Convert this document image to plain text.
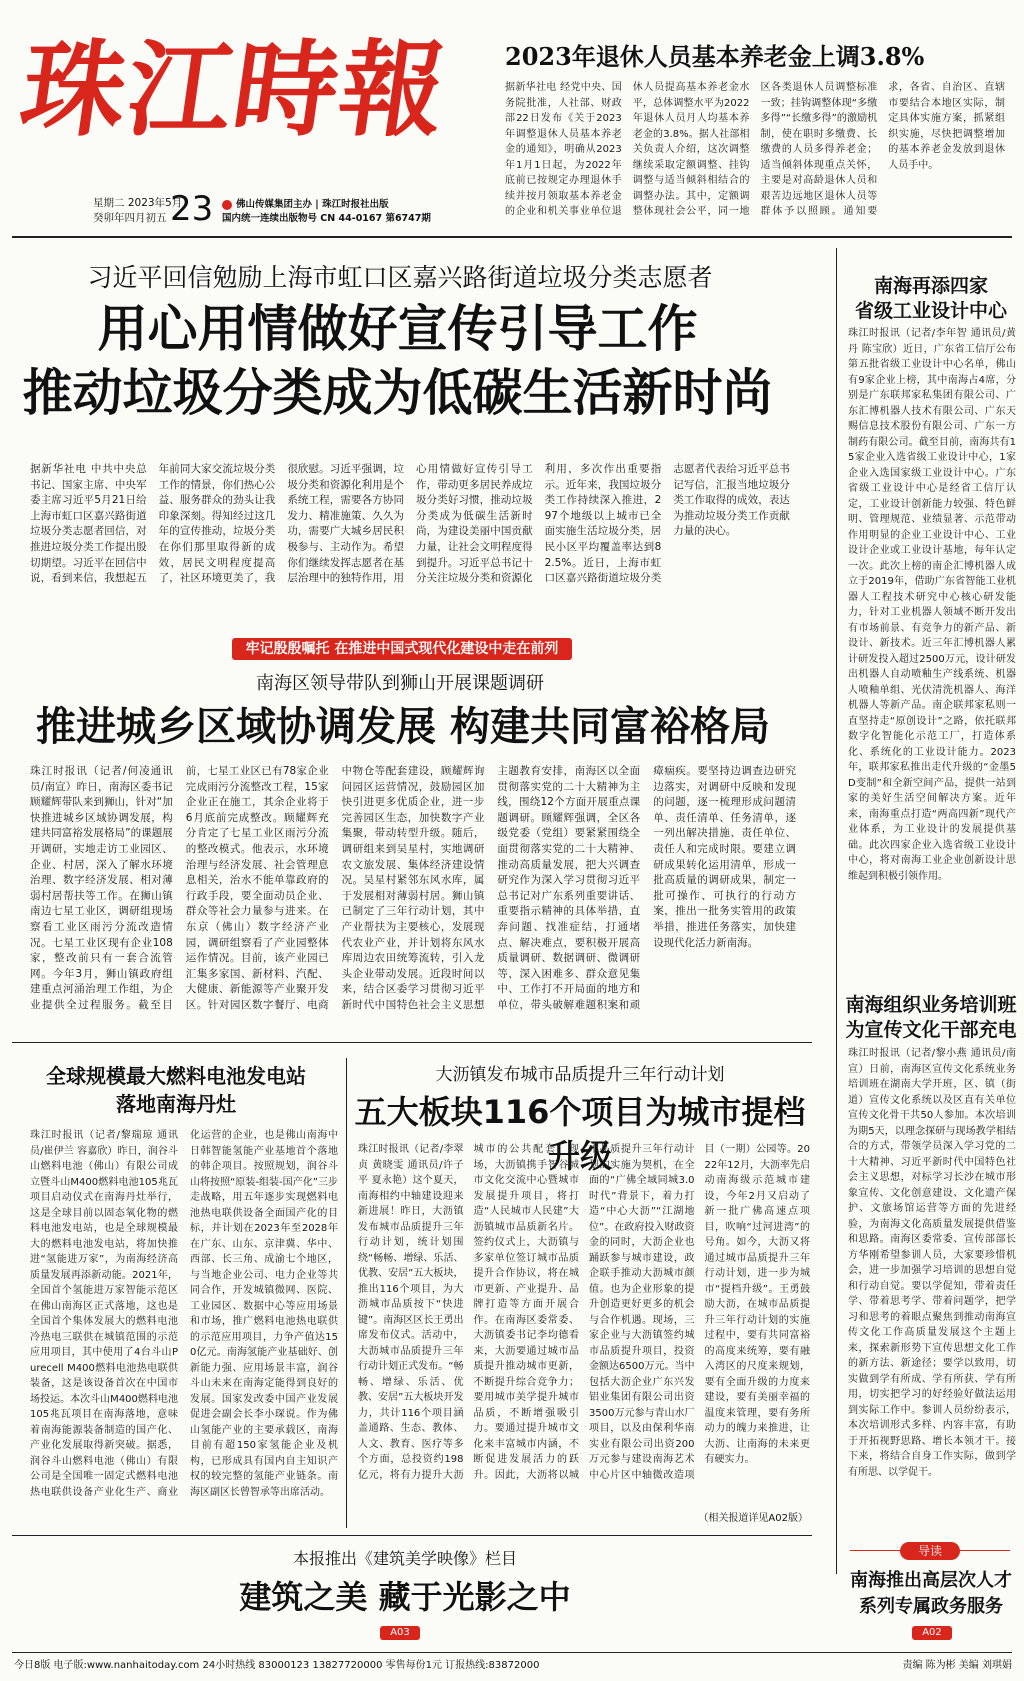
珠江時報
星期二 2023年5月
癸卯年四月初五 23 佛山传媒集团主办 | 珠江时报社出版
国内统一连续出版物号 CN 44-0167 第6747期
2023年退休人员基本养老金上调3.8%
据新华社电 经党中央、国务院批准，人社部、财政部22日发布《关于2023年调整退休人员基本养老金的通知》，明确从2023年1月1日起，为2022年底前已按规定办理退休手续并按月领取基本养老金的企业和机关事业单位退休人员提高基本养老金水平，总体调整水平为2022年退休人员月人均基本养老金的3.8%。据人社部相关负责人介绍，这次调整继续采取定额调整、挂钩调整与适当倾斜相结合的调整办法。其中，定额调整体现社会公平，同一地区各类退休人员调整标准一致；挂钩调整体现“多缴多得”“长缴多得”的激励机制，使在职时多缴费、长缴费的人员多得养老金；适当倾斜体现重点关怀，主要是对高龄退休人员和艰苦边远地区退休人员等群体予以照顾。通知要求，各省、自治区、直辖市要结合本地区实际，制定具体实施方案，抓紧组织实施，尽快把调整增加的基本养老金发放到退休人员手中。
习近平回信勉励上海市虹口区嘉兴路街道垃圾分类志愿者
用心用情做好宣传引导工作
推动垃圾分类成为低碳生活新时尚
据新华社电 中共中央总书记、国家主席、中央军委主席习近平5月21日给上海市虹口区嘉兴路街道垃圾分类志愿者回信，对推进垃圾分类工作提出殷切期望。习近平在回信中说，看到来信，我想起五年前同大家交流垃圾分类工作的情景，你们热心公益、服务群众的劲头让我印象深刻。得知经过这几年的宣传推动，垃圾分类在你们那里取得新的成效，居民文明程度提高了，社区环境更美了，我很欣慰。习近平强调，垃圾分类和资源化利用是个系统工程，需要各方协同发力、精准施策、久久为功，需要广大城乡居民积极参与、主动作为。希望你们继续发挥志愿者在基层治理中的独特作用，用心用情做好宣传引导工作，带动更多居民养成垃圾分类好习惯，推动垃圾分类成为低碳生活新时尚，为建设美丽中国贡献力量，让社会文明程度得到提升。习近平总书记十分关注垃圾分类和资源化利用，多次作出重要指示。近年来，我国垃圾分类工作持续深入推进，297个地级以上城市已全面实施生活垃圾分类，居民小区平均覆盖率达到82.5%。近日，上海市虹口区嘉兴路街道垃圾分类志愿者代表给习近平总书记写信，汇报当地垃圾分类工作取得的成效，表达为推动垃圾分类工作贡献力量的决心。
牢记殷殷嘱托 在推进中国式现代化建设中走在前列
南海区领导带队到狮山开展课题调研
推进城乡区域协调发展 构建共同富裕格局
珠江时报讯（记者/何凌通讯员/南宣）昨日，南海区委书记顾耀辉带队来到狮山，针对“加快推进城乡区域协调发展，构建共同富裕发展格局”的课题展开调研，实地走访工业园区、企业、村居，深入了解水环境治理、数字经济发展、相对薄弱村居帮扶等工作。在狮山镇南边七星工业区，调研组现场察看工业区雨污分流改造情况。七星工业区现有企业108家，整改前只有一套合流管网。今年3月，狮山镇政府组建重点河涌治理工作组，为企业提供全过程服务。截至目前，七星工业区已有78家企业完成雨污分流整改工程，15家企业正在施工，其余企业将于6月底前完成整改。顾耀辉充分肯定了七星工业区雨污分流的整改模式。他表示，水环境治理与经济发展、社会管理息息相关，治水不能单靠政府的行政手段，要全面动员企业、群众等社会力量参与进来。在东京（佛山）数字经济产业园，调研组察看了产业园整体运作情况。目前，该产业园已汇集多家国、新材料、汽配、大健康、新能源等产业聚开发区。针对园区数字餐厅、电商中物仓等配套建设，顾耀辉询问园区运营情况，鼓励园区加快引进更多优质企业，进一步完善园区生态，加快数字产业集聚，带动转型升级。随后，调研组来到吴星村，实地调研农文旅发展、集体经济建设情况。吴星村紧邻东风水库，属于发展相对薄弱村居。狮山镇已制定了三年行动计划，其中产业帮扶为主要核心，发展现代农业产业，并计划将东风水库周边农田统筹流转，引入龙头企业带动发展。近段时间以来，结合区委学习贯彻习近平新时代中国特色社会主义思想主题教育安排，南海区以全面贯彻落实党的二十大精神为主线，围绕12个方面开展重点课题调研。顾耀辉强调，全区各级党委（党组）要紧紧围绕全面贯彻落实党的二十大精神、推动高质量发展，把大兴调查研究作为深入学习贯彻习近平总书记对广东系列重要讲话、重要指示精神的具体举措，直奔问题、找准症结，打通堵点、解决难点，要积极开展高质量调研、数据调研、微调研等，深入困难多、群众意见集中、工作打不开局面的地方和单位，带头破解难题积案和顽瘴痼疾。要坚持边调查边研究边落实，对调研中反映和发现的问题，逐一梳理形成问题清单、责任清单、任务清单，逐一列出解决措施、责任单位、责任人和完成时限。要建立调研成果转化运用清单，形成一批高质量的调研成果，制定一批可操作、可执行的行动方案，推出一批务实管用的政策举措，推进任务落实，加快建设现代化活力新南海。
南海再添四家
省级工业设计中心
珠江时报讯（记者/李年智 通讯员/黄丹 陈宝欣）近日，广东省工信厅公布第五批省级工业设计中心名单，佛山有9家企业上榜，其中南海占4席，分别是广东联邦家私集团有限公司、广东汇博机器人技术有限公司、广东天赐信息技术股份有限公司、广东一方制药有限公司。截至目前，南海共有15家企业入选省级工业设计中心，1家企业入选国家级工业设计中心。广东省级工业设计中心是经省工信厅认定，工业设计创新能力较强、特色鲜明、管理规范、业绩显著、示范带动作用明显的企业工业设计中心、工业设计企业或工业设计基地，每年认定一次。此次上榜的南企汇博机器人成立于2019年，借助广东省智能工业机器人工程技术研究中心核心研发能力，针对工业机器人领域不断开发出有市场前景、有竞争力的新产品、新设计、新技术。近三年汇博机器人累计研发投入超过2500万元，设计研发出机器人自动喷釉生产线系统、机器人喷釉单组、光伏清洗机器人、海洋机器人等新产品。南企联邦家私则一直坚持走“原创设计”之路，依托联邦数字化智能化示范工厂，打造体系化、系统化的工业设计能力。2023年，联邦家私推出走代升级的“金墨5D变制”和全新空间产品，提供一站到家的美好生活空间解决方案。近年来，南海重点打造“两高四新”现代产业体系，为工业设计的发展提供基础。此次四家企业入选省级工业设计中心，将对南海工业企业创新设计思维起到积极引领作用。
南海组织业务培训班
为宣传文化干部充电
珠江时报讯（记者/黎小燕 通讯员/南宣）日前，南海区宣传文化系统业务培训班在湖南大学开班，区、镇（街道）宣传文化系统以及区直有关单位宣传文化骨干共50人参加。本次培训为期5天，以理念探研与现场教学相结合的方式，带领学员深入学习党的二十大精神、习近平新时代中国特色社会主义思想，对标学习长沙在城市形象宣传、文化创意建设、文化遗产保护、文旅场馆运营等方面的先进经验，为南海文化高质量发展提供借鉴和思路。南海区委常委、宣传部部长方华刚希望参训人员，大家要珍惜机会，进一步加强学习培训的思想自觉和行动自觉。要以学促知，带着责任学、带着思考学、带着问题学，把学习和思考的着眼点聚焦到推动南海宣传文化工作高质量发展这个主题上来，探索新形势下宣传思想文化工作的新方法、新途径；要学以致用，切实做到学有所成、学有所获、学有所用，切实把学习的好经验好做法运用到实际工作中。参训人员纷纷表示，本次培训形式多样、内容丰富，有助于开拓视野思路、增长本领才干。接下来，将结合自身工作实际，做到学有所思、以学促干。
全球规模最大燃料电池发电站
落地南海丹灶
珠江时报讯（记者/黎瑞琼 通讯员/崔伊兰 容嘉欣）昨日，润谷斗山燃料电池（佛山）有限公司成立暨斗山M400燃料电池105兆瓦项目启动仪式在南海丹灶举行，这是全球目前以固态氧化物的燃料电池发电站，也是全球规模最大的燃料电池发电站，将加快推进“氢能进万家”，为南海经济高质量发展再添新动能。2021年，全国首个氢能进万家智能示范区在佛山南海区正式落地，这也是全国首个集体发展大的燃料电池冷热电三联供在城镇范围的示范应用项目，其中使用了4台斗山Purecell M400燃料电池热电联供装备，这是该设备首次在中国市场投运。本次斗山M400燃料电池105兆瓦项目在南海落地，意味着南海能源装备制造的国产化、产业化发展取得新突破。据悉，润谷斗山燃料电池（佛山）有限公司是全国唯一固定式燃料电池热电联供设备产业化生产、商业化运营的企业，也是佛山南海中日韩智能氢能产业基地首个落地的韩企项目。按照规划，润谷斗山将按照“原装-组装-国产化”三步走战略，用五年逐步实现燃料电池热电联供设备全面国产化的目标，并计划在2023年至2028年在广东、山东、京津冀、华中、西部、长三角、成渝七个地区，与当地企业公司、电力企业等共同合作，开发城镇微网、医院、工业园区、数据中心等应用场景和市场，推广燃料电池热电联供的示范应用项目，力争产值达150亿元。南海氢能产业基础好、创新能力强、应用场景丰富，润谷斗山未来在南海定能得到良好的发展。国家发改委中国产业发展促进会副会长李小琛说。作为佛山氢能产业的主要承载区，南海目前有超150家氢能企业及机构，已形成具有国内自主知识产权的较完整的氢能产业链条。南海区副区长曾智承等出席活动。
大沥镇发布城市品质提升三年行动计划
五大板块116个项目为城市提档升级
珠江时报讯（记者/李翠贞 黄晓雯 通讯员/许子平 夏永艳）这个夏天，南海相约中轴建设迎来新进展！昨日，大沥镇发布城市品质提升三年行动计划，统计划围绕“畅畅、增绿、乐活、优教、安居”五大板块，推出116个项目，为大沥城市品质按下“快进键”。南海区区长王勇出席发布仪式。活动中，大沥城市品质提升三年行动计划正式发布。“畅畅、增绿、乐活、优教、安居”五大板块开发力，共计116个项目涵盖通路、生态、教体、人文、教育、医疗等多个方面，总投资约198亿元，将有力提升大沥城市的公共配套。现场，大沥镇携手智谷城市文化交流中心暨城市发展提升项目，将打造“人民城市人民建”大沥镇城市品质新名片。签约仪式上，大沥镇与多家单位签订城市品质提升合作协议，将在城市更新、产业提升、品牌打造等方面开展合作。在南海区委常委、大沥镇委书记李均德看来，大沥要通过城市品质提升推动城市更新，不断提升综合竞争力；要用城市美学提升城市品质，不断增强吸引力。要通过提升城市文化来丰富城市内涵，不断促进发展活力的跃升。因此，大沥将以城市品质提升三年行动计划的实施为契机，在全面的“广佛全域同城3.0时代”背景下，着力打造“中心大沥”“江湖地位”。在政府投入财政资金的同时，大沥企业也踊跃参与城市建设，政企联手推动大沥城市颜值。也为企业形象的提升创造更好更多的机会与合作机遇。现场，三家企业与大沥镇签约城市品质提升项目，投资金额达6500万元。当中包括大沥企业广东兴发铝业集团有限公司出资3500万元参与青山水厂项目，以及由保利华南实业有限公司出资200万元参与建设南海艺术中心片区中轴微改造项目（一期）公园等。2022年12月，大沥率先启动南海级示范城市建设，今年2月又启动了新一批广佛高速点项目，吹响“过河进湾”的号角。如今，大沥又将通过城市品质提升三年行动计划，进一步为城市“提档升级”。王勇鼓励大沥，在城市品质提升三年行动计划的实施过程中，要有共同富裕的高度来统筹，要有融入湾区的尺度来规划，要有全面升级的力度来建设，要有美丽幸福的温度来管理，要有务所动力的魄力来推进，让大沥、让南海的未来更有硬实力。
（相关报道详见A02版）
本报推出《建筑美学映像》栏目
建筑之美 藏于光影之中
A03
导读
南海推出高层次人才
系列专属政务服务
A02
今日8版 电子版:www.nanhaitoday.com 24小时热线 83000123 13827720000 零售每份1元 订报热线:83872000	责编 陈为彬 美编 刘琪娟
